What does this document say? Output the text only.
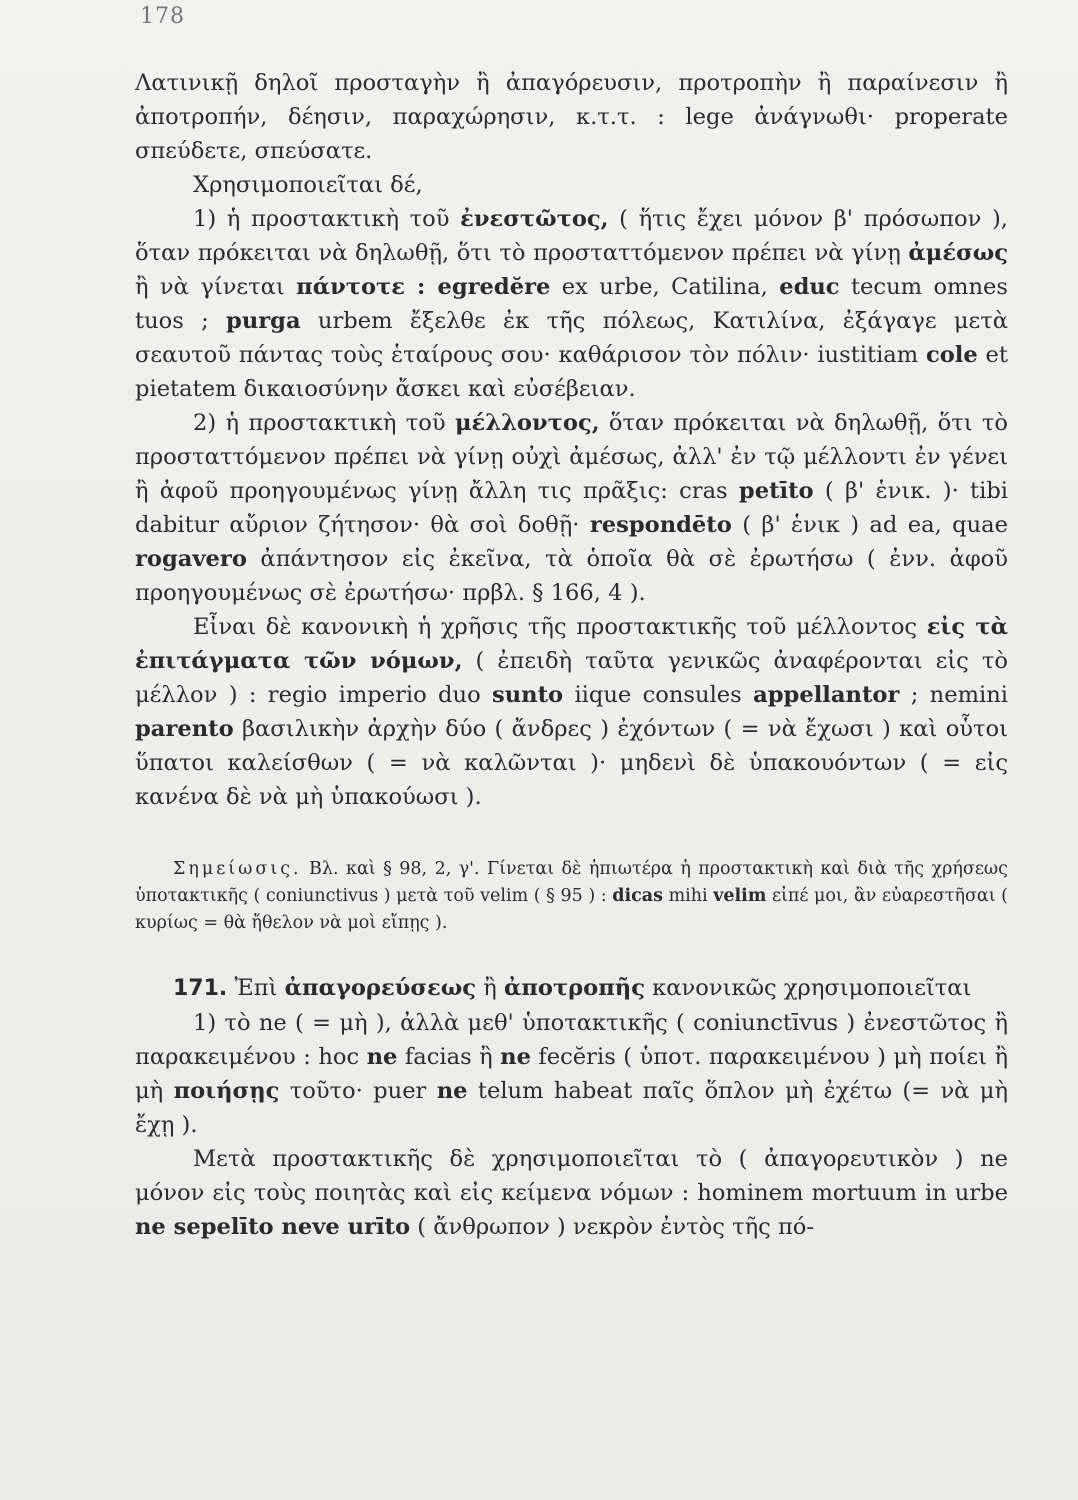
178

Λατινικῇ δηλοῖ προσταγὴν ἢ ἀπαγόρευσιν, προτροπὴν ἢ παραίνεσιν ἢ ἀποτροπήν, δέησιν, παραχώρησιν, κ.τ.τ. : lege ἀνάγνωθι· properate σπεύδετε, σπεύσατε.

Χρησιμοποιεῖται δέ,

1) ἡ προστακτικὴ τοῦ ἐνεστῶτος, ( ἥτις ἔχει μόνον β' πρόσωπον ), ὅταν πρόκειται νὰ δηλωθῇ, ὅτι τὸ προσταττόμενον πρέπει νὰ γίνῃ ἀμέσως ἢ νὰ γίνεται πάντοτε : egredĕre ex urbe, Catilina, educ tecum omnes tuos ; purga urbem ἔξελθε ἐκ τῆς πόλεως, Κατιλίνα, ἐξάγαγε μετὰ σεαυτοῦ πάντας τοὺς ἑταίρους σου· καθάρισον τὸν πόλιν· iustitiam cole et pietatem δικαιοσύνην ἄσκει καὶ εὐσέβειαν.

2) ἡ προστακτικὴ τοῦ μέλλοντος, ὅταν πρόκειται νὰ δηλωθῇ, ὅτι τὸ προσταττόμενον πρέπει νὰ γίνῃ οὐχὶ ἀμέσως, ἀλλ' ἐν τῷ μέλλοντι ἐν γένει ἢ ἀφοῦ προηγουμένως γίνῃ ἄλλη τις πρᾶξις: cras petīto ( β' ἑνικ. )· tibi dabitur αὔριον ζήτησον· θὰ σοὶ δοθῇ· respondēto ( β' ἑνικ ) ad ea, quae rogavero ἀπάντησον εἰς ἐκεῖνα, τὰ ὁποῖα θὰ σὲ ἐρωτήσω ( ἐνν. ἀφοῦ προηγουμένως σὲ ἐρωτήσω· πρβλ. § 166, 4 ).

Εἶναι δὲ κανονικὴ ἡ χρῆσις τῆς προστακτικῆς τοῦ μέλλοντος εἰς τὰ ἐπιτάγματα τῶν νόμων, ( ἐπειδὴ ταῦτα γενικῶς ἀναφέρονται εἰς τὸ μέλλον ) : regio imperio duo sunto iique consules appellantor ; nemini parento βασιλικὴν ἀρχὴν δύο ( ἄνδρες ) ἐχόντων ( = νὰ ἔχωσι ) καὶ οὗτοι ὕπατοι καλείσθων ( = νὰ καλῶνται )· μηδενὶ δὲ ὑπακουόντων ( = εἰς κανένα δὲ νὰ μὴ ὑπακούωσι ).

Σημείωσις. Βλ. καὶ § 98, 2, γ'. Γίνεται δὲ ἠπιωτέρα ἡ προστακτικὴ καὶ διὰ τῆς χρήσεως ὑποτακτικῆς ( coniunctivus ) μετὰ τοῦ velim ( § 95 ) : dicas mihi velim εἰπέ μοι, ἂν εὐαρεστῆσαι ( κυρίως = θὰ ἤθελον νὰ μοὶ εἴπῃς ).

171. Ἐπὶ ἀπαγορεύσεως ἢ ἀποτροπῆς κανονικῶς χρησιμοποιεῖται

1) τὸ ne ( = μὴ ), ἀλλὰ μεθ' ὑποτακτικῆς ( coniunctīvus ) ἐνεστῶτος ἢ παρακειμένου : hoc ne facias ἢ ne fecĕris ( ὑποτ. παρακειμένου ) μὴ ποίει ἢ μὴ ποιήσῃς τοῦτο· puer ne telum habeat παῖς ὅπλον μὴ ἐχέτω (= νὰ μὴ ἔχῃ ).

Μετὰ προστακτικῆς δὲ χρησιμοποιεῖται τὸ ( ἀπαγορευτικὸν ) ne μόνον εἰς τοὺς ποιητὰς καὶ εἰς κείμενα νόμων : hominem mortuum in urbe ne sepelīto neve urīto ( ἄνθρωπον ) νεκρὸν ἐντὸς τῆς πό-
